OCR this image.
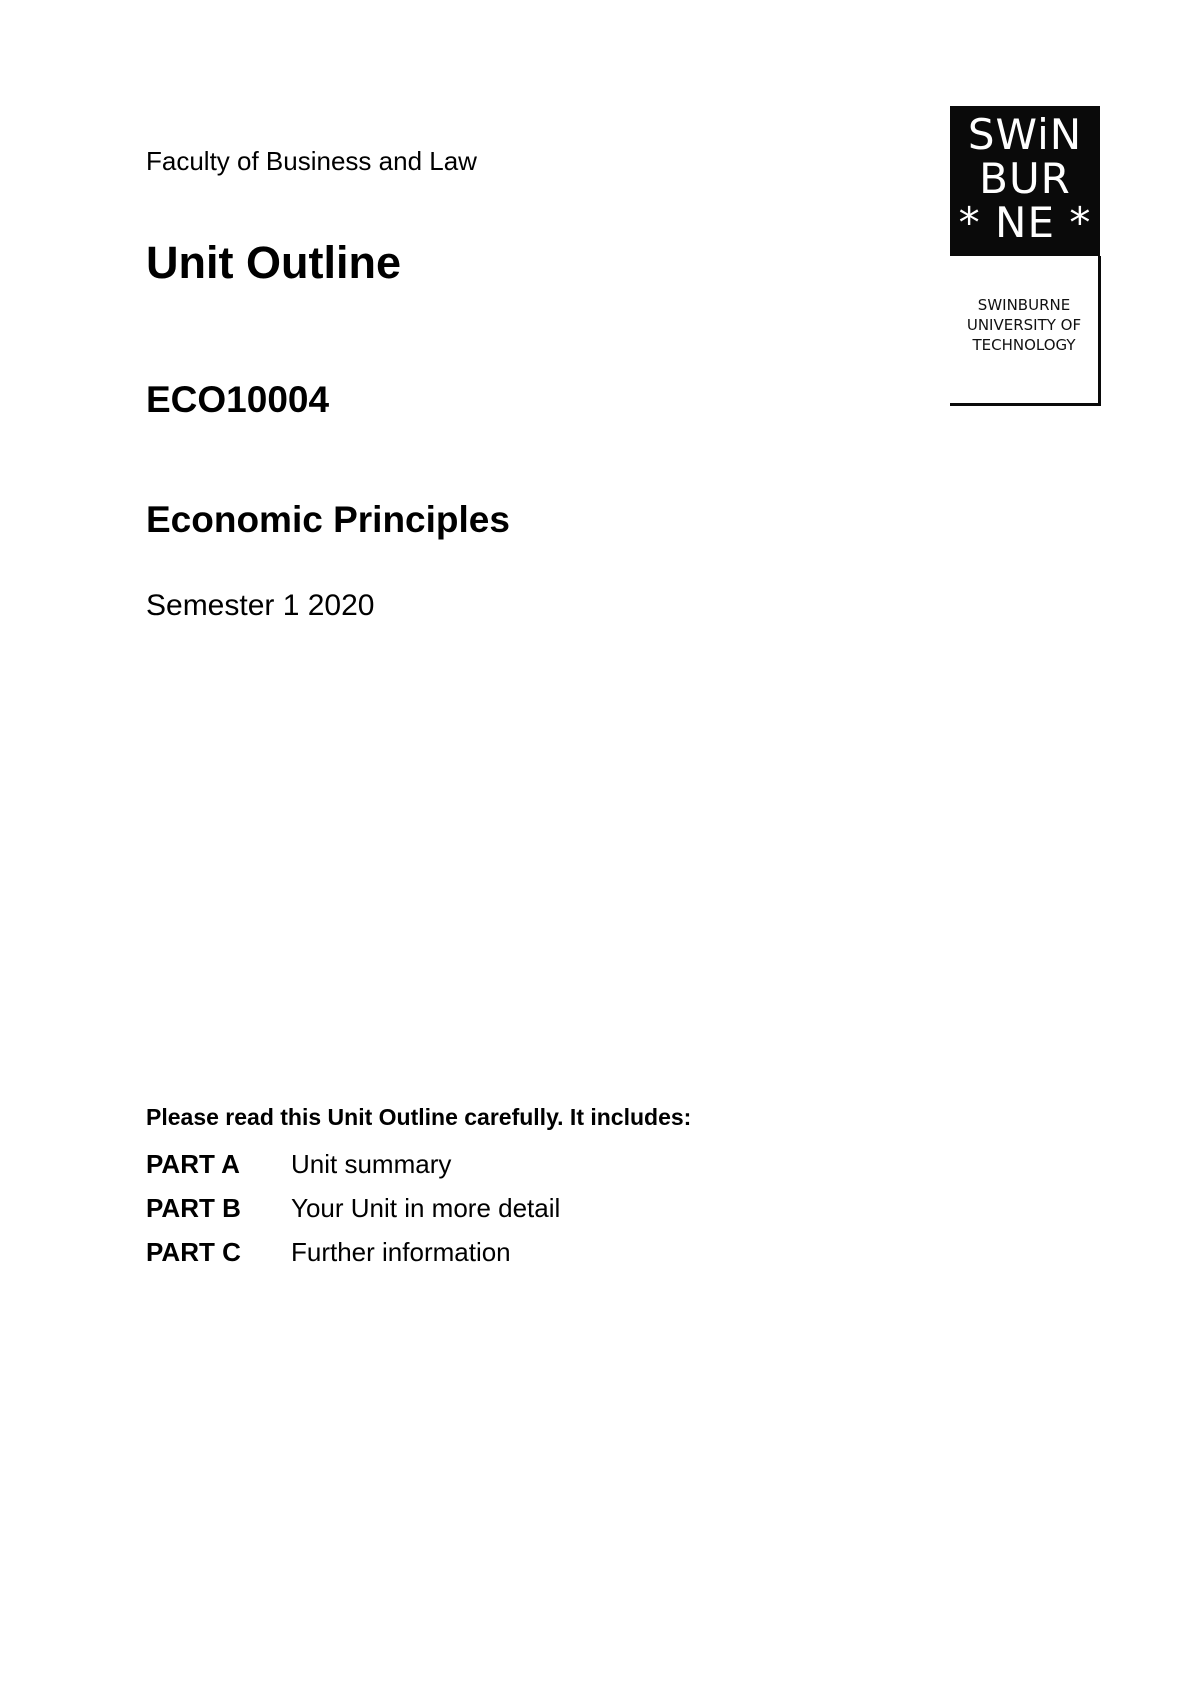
Faculty of Business and Law

Unit Outline
ECO10004
Economic Principles

Semester 1 2020

SWiN
BUR
* NE *
SWINBURNE
UNIVERSITY OF
TECHNOLOGY

Please read this Unit Outline carefully. It includes:

PART A	Unit summary
PART B	Your Unit in more detail
PART C	Further information
